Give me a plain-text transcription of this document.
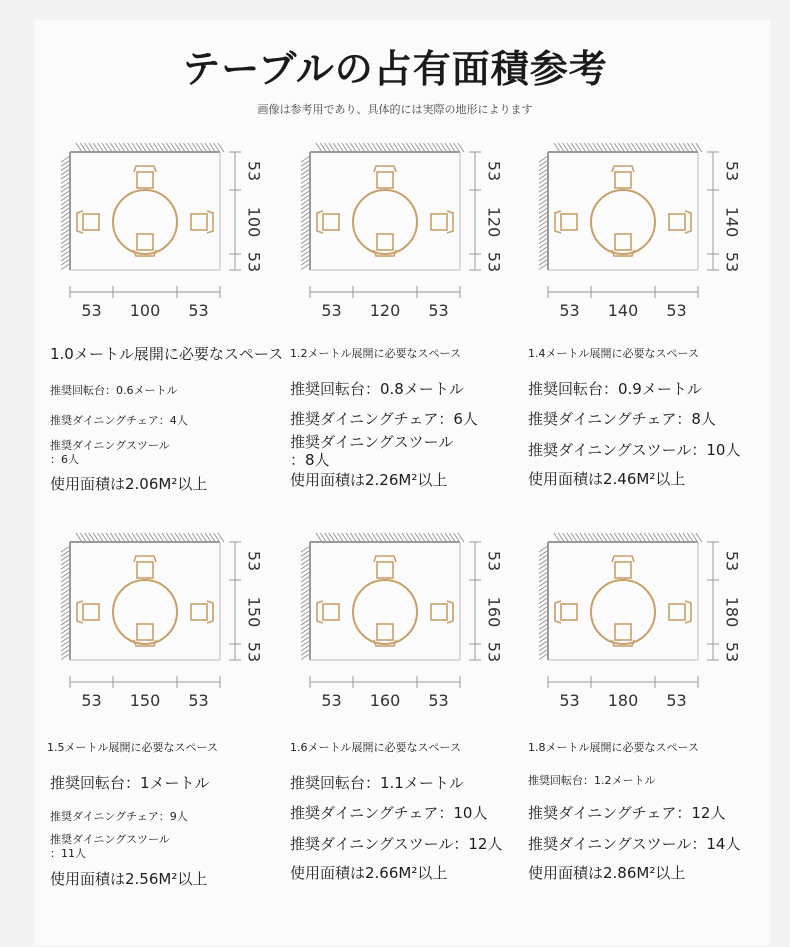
テーブルの占有面積参考
画像は参考用であり、具体的には実際の地形によります
53 100 53
53
100
53
1.0メートル展開に必要なスペース
推奨回転台：0.6メートル
推奨ダイニングチェア：4人
推奨ダイニングスツール
：6人
使用面積は2.06M²以上
53 120 53
53
120
53
1.2メートル展開に必要なスペース
推奨回転台：0.8メートル
推奨ダイニングチェア：6人
推奨ダイニングスツール
：8人
使用面積は2.26M²以上
53 140 53
53
140
53
1.4メートル展開に必要なスペース
推奨回転台：0.9メートル
推奨ダイニングチェア：8人
推奨ダイニングスツール：10人
使用面積は2.46M²以上
53 150 53
53
150
53
1.5メートル展開に必要なスペース
推奨回転台：1メートル
推奨ダイニングチェア：9人
推奨ダイニングスツール
：11人
使用面積は2.56M²以上
53 160 53
53
160
53
1.6メートル展開に必要なスペース
推奨回転台：1.1メートル
推奨ダイニングチェア：10人
推奨ダイニングスツール：12人
使用面積は2.66M²以上
53 180 53
53
180
53
1.8メートル展開に必要なスペース
推奨回転台：1.2メートル
推奨ダイニングチェア：12人
推奨ダイニングスツール：14人
使用面積は2.86M²以上
